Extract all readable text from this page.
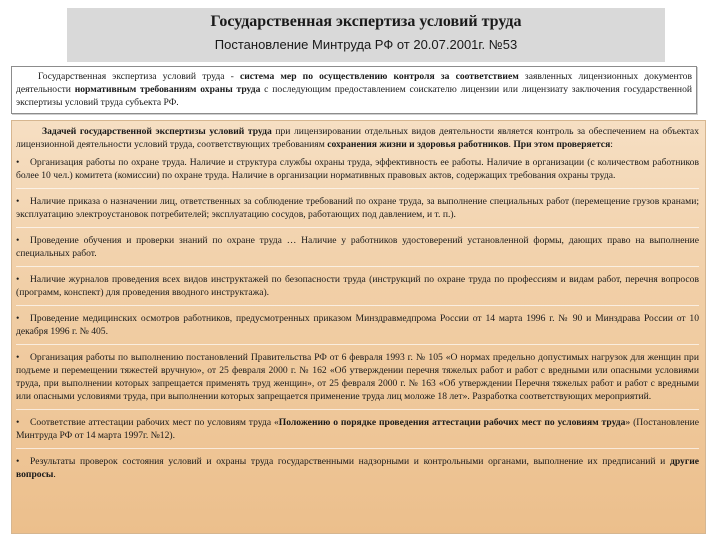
Государственная экспертиза условий труда
Постановление Минтруда РФ от 20.07.2001г. №53
Государственная экспертиза условий труда - система мер по осуществлению контроля за соответствием заявленных лицензионных документов деятельности нормативным требованиям охраны труда с последующим предоставлением соискателю лицензии или лицензиату заключения государственной экспертизы условий труда субъекта РФ.
Задачей государственной экспертизы условий труда при лицензировании отдельных видов деятельности является контроль за обеспечением на объектах лицензионной деятельности условий труда, соответствующих требованиям сохранения жизни и здоровья работников. При этом проверяется:
• Организация работы по охране труда. Наличие и структура службы охраны труда, эффективность ее работы. Наличие в организации (с количеством работников более 10 чел.) комитета (комиссии) по охране труда. Наличие в организации нормативных правовых актов, содержащих требования охраны труда.
• Наличие приказа о назначении лиц, ответственных за соблюдение требований по охране труда, за выполнение специальных работ (перемещение грузов кранами; эксплуатацию электроустановок потребителей; эксплуатацию сосудов, работающих под давлением, и т. п.).
• Проведение обучения и проверки знаний по охране труда … Наличие у работников удостоверений установленной формы, дающих право на выполнение специальных работ.
• Наличие журналов проведения всех видов инструктажей по безопасности труда (инструкций по охране труда по профессиям и видам работ, перечня вопросов (программ, конспект) для проведения вводного инструктажа).
• Проведение медицинских осмотров работников, предусмотренных приказом Минздравмедпрома России от 14 марта 1996 г. № 90 и Минздрава России от 10 декабря 1996 г. № 405.
• Организация работы по выполнению постановлений Правительства РФ от 6 февраля 1993 г. № 105 «О нормах предельно допустимых нагрузок для женщин при подъеме и перемещении тяжестей вручную», от 25 февраля 2000 г. № 162 «Об утверждении перечня тяжелых работ и работ с вредными или опасными условиями труда, при выполнении которых запрещается применять труд женщин», от 25 февраля 2000 г. № 163 «Об утверждении Перечня тяжелых работ и работ с вредными или опасными условиями труда, при выполнении которых запрещается применение труда лиц моложе 18 лет». Разработка соответствующих мероприятий.
• Соответствие аттестации рабочих мест по условиям труда «Положению о порядке проведения аттестации рабочих мест по условиям труда» (Постановление Минтруда РФ от 14 марта 1997г. №12).
• Результаты проверок состояния условий и охраны труда государственными надзорными и контрольными органами, выполнение их предписаний и другие вопросы.
